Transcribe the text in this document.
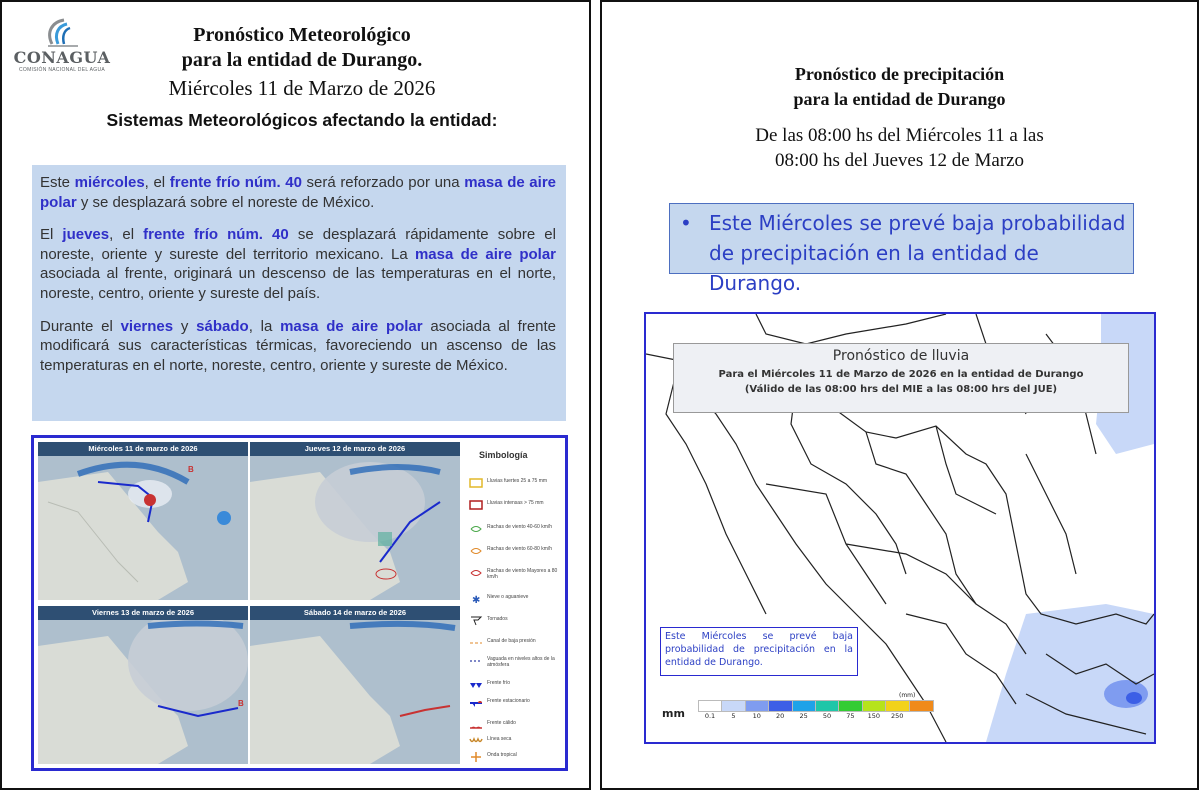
CONAGUA
COMISIÓN NACIONAL DEL AGUA
Pronóstico Meteorológico
para la entidad de Durango.
Miércoles 11 de Marzo de 2026
Sistemas Meteorológicos afectando la entidad:

Este miércoles, el frente frío núm. 40 será reforzado por una masa de aire polar y se desplazará sobre el noreste de México.

El jueves, el frente frío núm. 40 se desplazará rápidamente sobre el noreste, oriente y sureste del territorio mexicano. La masa de aire polar asociada al frente, originará un descenso de las temperaturas en el norte, noreste, centro, oriente y sureste del país.

Durante el viernes y sábado, la masa de aire polar asociada al frente modificará sus características térmicas, favoreciendo un ascenso de las temperaturas en el norte, noreste, centro, oriente y sureste de México.

B
Miércoles 11 de marzo de 2026	Jueves 12 de marzo de 2026
B
Viernes 13 de marzo de 2026	Sábado 14 de marzo de 2026
Simbología
Lluvias fuertes 25 a 75 mm
Lluvias intensas > 75 mm
Rachas de viento 40-60 km/h
Rachas de viento 60-80 km/h
Rachas de viento Mayores a 80 km/h
✱ Nieve o aguanieve
Tornados
Canal de baja presión
Vaguada en niveles altos de la atmósfera
Frente frío
Frente estacionario
Frente cálido
Línea seca
Onda tropical
Pronóstico de precipitación
para la entidad de Durango
De las 08:00 hs del Miércoles 11 a las
08:00 hs del Jueves 12 de Marzo
• Este Miércoles se prevé baja probabilidad de precipitación en la entidad de Durango.
Pronóstico de lluvia
Para el Miércoles 11 de Marzo de 2026 en la entidad de Durango
(Válido de las 08:00 hrs del MIE a las 08:00 hrs del JUE)
Este Miércoles se prevé baja probabilidad de precipitación en la entidad de Durango.
mm
(mm)
0.1	5	10	20	25	50	75	150	250
